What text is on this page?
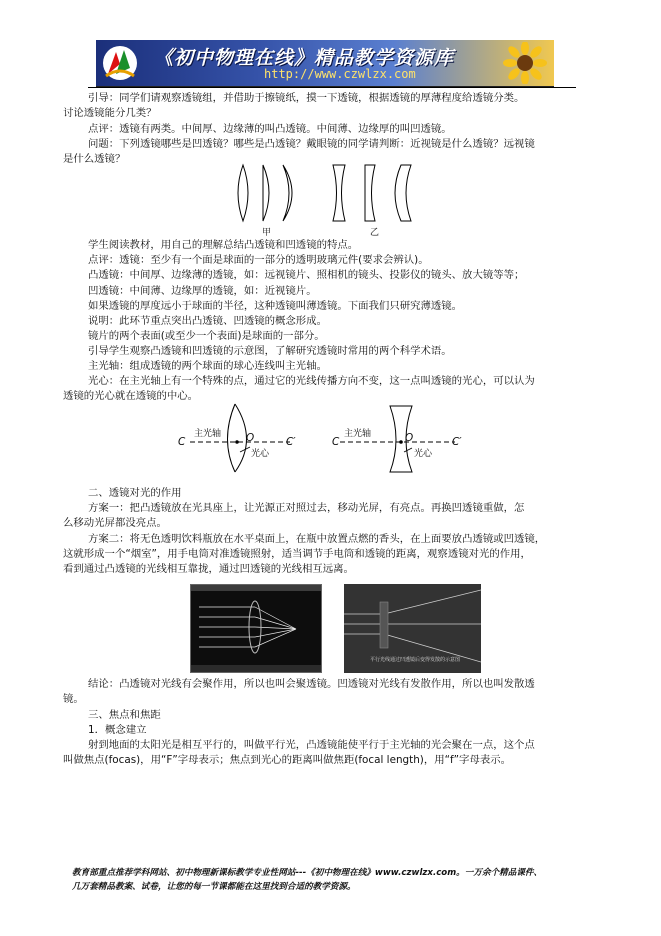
《初中物理在线》精品教学资源库
http://www.czwlzx.com
引导：同学们请观察透镜组，并借助于擦镜纸，摸一下透镜，根据透镜的厚薄程度给透镜分类。
讨论透镜能分几类？
点评：透镜有两类。中间厚、边缘薄的叫凸透镜。中间薄、边缘厚的叫凹透镜。
问题：下列透镜哪些是凹透镜？哪些是凸透镜？戴眼镜的同学请判断：近视镜是什么透镜？远视镜
是什么透镜？
甲	乙
学生阅读教材，用自己的理解总结凸透镜和凹透镜的特点。
点评：透镜：至少有一个面是球面的一部分的透明玻璃元件(要求会辨认)。
凸透镜：中间厚、边缘薄的透镜，如：远视镜片、照相机的镜头、投影仪的镜头、放大镜等等；
凹透镜：中间薄、边缘厚的透镜，如：近视镜片。
如果透镜的厚度远小于球面的半径，这种透镜叫薄透镜。下面我们只研究薄透镜。
说明：此环节重点突出凸透镜、凹透镜的概念形成。
镜片的两个表面(或至少一个表面)是球面的一部分。
引导学生观察凸透镜和凹透镜的示意图，了解研究透镜时常用的两个科学术语。
主光轴：组成透镜的两个球面的球心连线叫主光轴。
光心：在主光轴上有一个特殊的点，通过它的光线传播方向不变，这一点叫透镜的光心，可以认为
透镜的光心就在透镜的中心。
C
主光轴 O
光心
C′	C
主光轴	O
光心
C′
二、透镜对光的作用
方案一：把凸透镜放在光具座上，让光源正对照过去，移动光屏，有亮点。再换凹透镜重做，怎
么移动光屏都没亮点。
方案二：将无色透明饮料瓶放在水平桌面上，在瓶中放置点燃的香头，在上面要放凸透镜或凹透镜，
这就形成一个“烟室”，用手电筒对准透镜照射，适当调节手电筒和透镜的距离，观察透镜对光的作用，
看到通过凸透镜的光线相互靠拢，通过凹透镜的光线相互远离。
平行光线通过凹透镜后变得发散的示意图
结论：凸透镜对光线有会聚作用，所以也叫会聚透镜。凹透镜对光线有发散作用，所以也叫发散透
镜。
三、焦点和焦距
1．概念建立
射到地面的太阳光是相互平行的，叫做平行光，凸透镜能使平行于主光轴的光会聚在一点，这个点
叫做焦点(focas)，用“F”字母表示；焦点到光心的距离叫做焦距(focal length)，用“f”字母表示。
教育部重点推荐学科网站、初中物理新课标教学专业性网站---《初中物理在线》www.czwlzx.com。一万余个精品课件、
几万套精品教案、试卷，让您的每一节课都能在这里找到合适的教学资源。
